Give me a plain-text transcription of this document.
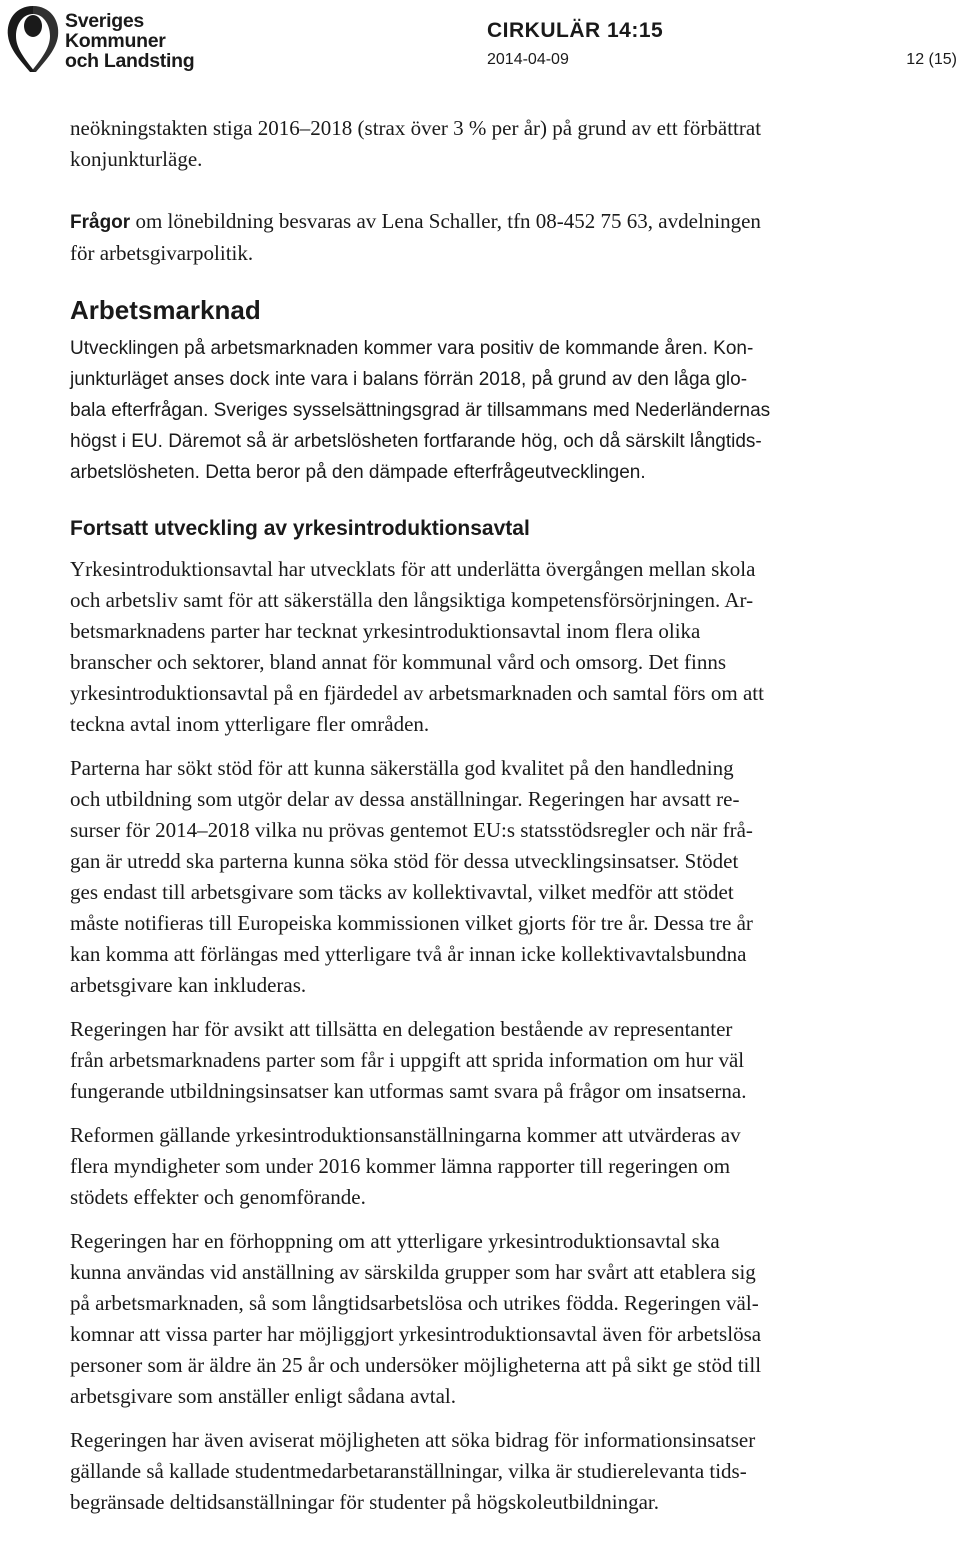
Sveriges
Kommuner
och Landsting
CIRKULÄR 14:15
2014-04-09	12 (15)

neökningstakten stiga 2016–2018 (strax över 3 % per år) på grund av ett förbättrat
konjunkturläge.

Frågor om lönebildning besvaras av Lena Schaller, tfn 08-452 75 63, avdelningen
för arbetsgivarpolitik.

Arbetsmarknad

Utvecklingen på arbetsmarknaden kommer vara positiv de kommande åren. Kon-
junkturläget anses dock inte vara i balans förrän 2018, på grund av den låga glo-
bala efterfrågan. Sveriges sysselsättningsgrad är tillsammans med Nederländernas
högst i EU. Däremot så är arbetslösheten fortfarande hög, och då särskilt långtids-
arbetslösheten. Detta beror på den dämpade efterfrågeutvecklingen.

Fortsatt utveckling av yrkesintroduktionsavtal

Yrkesintroduktionsavtal har utvecklats för att underlätta övergången mellan skola
och arbetsliv samt för att säkerställa den långsiktiga kompetensförsörjningen. Ar-
betsmarknadens parter har tecknat yrkesintroduktionsavtal inom flera olika
branscher och sektorer, bland annat för kommunal vård och omsorg. Det finns
yrkesintroduktionsavtal på en fjärdedel av arbetsmarknaden och samtal förs om att
teckna avtal inom ytterligare fler områden.

Parterna har sökt stöd för att kunna säkerställa god kvalitet på den handledning
och utbildning som utgör delar av dessa anställningar. Regeringen har avsatt re-
surser för 2014–2018 vilka nu prövas gentemot EU:s statsstödsregler och när frå-
gan är utredd ska parterna kunna söka stöd för dessa utvecklingsinsatser. Stödet
ges endast till arbetsgivare som täcks av kollektivavtal, vilket medför att stödet
måste notifieras till Europeiska kommissionen vilket gjorts för tre år. Dessa tre år
kan komma att förlängas med ytterligare två år innan icke kollektivavtalsbundna
arbetsgivare kan inkluderas.

Regeringen har för avsikt att tillsätta en delegation bestående av representanter
från arbetsmarknadens parter som får i uppgift att sprida information om hur väl
fungerande utbildningsinsatser kan utformas samt svara på frågor om insatserna.

Reformen gällande yrkesintroduktionsanställningarna kommer att utvärderas av
flera myndigheter som under 2016 kommer lämna rapporter till regeringen om
stödets effekter och genomförande.

Regeringen har en förhoppning om att ytterligare yrkesintroduktionsavtal ska
kunna användas vid anställning av särskilda grupper som har svårt att etablera sig
på arbetsmarknaden, så som långtidsarbetslösa och utrikes födda. Regeringen väl-
komnar att vissa parter har möjliggjort yrkesintroduktionsavtal även för arbetslösa
personer som är äldre än 25 år och undersöker möjligheterna att på sikt ge stöd till
arbetsgivare som anställer enligt sådana avtal.

Regeringen har även aviserat möjligheten att söka bidrag för informationsinsatser
gällande så kallade studentmedarbetaranställningar, vilka är studierelevanta tids-
begränsade deltidsanställningar för studenter på högskoleutbildningar.
